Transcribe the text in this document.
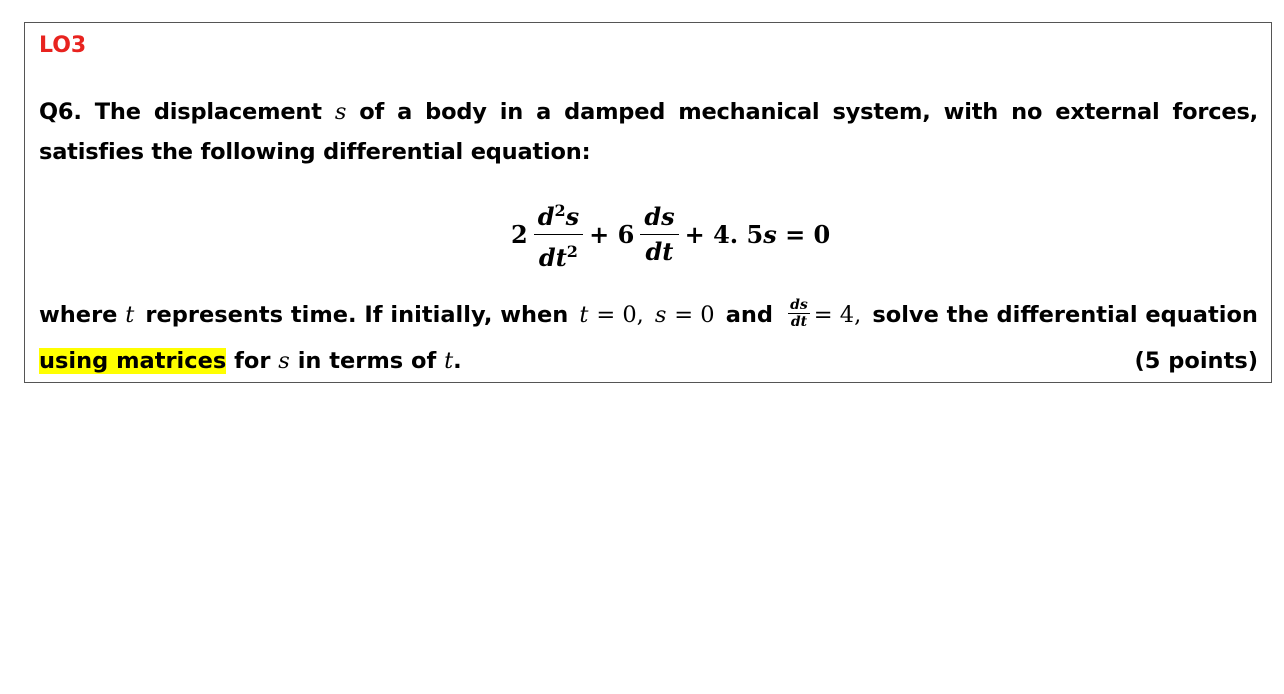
LO3
Q6. The displacement s of a body in a damped mechanical system, with no external forces, satisfies the following differential equation:
$2 \frac{d^2s}{dt^2} + 6 \frac{ds}{dt} + 4$. 5s = 0
where t represents time. If initially, when t = 0, s = 0 and $\frac{ds}{dt} = 4$, solve the differential equation
using matrices for s in terms of t.	(5 points)
